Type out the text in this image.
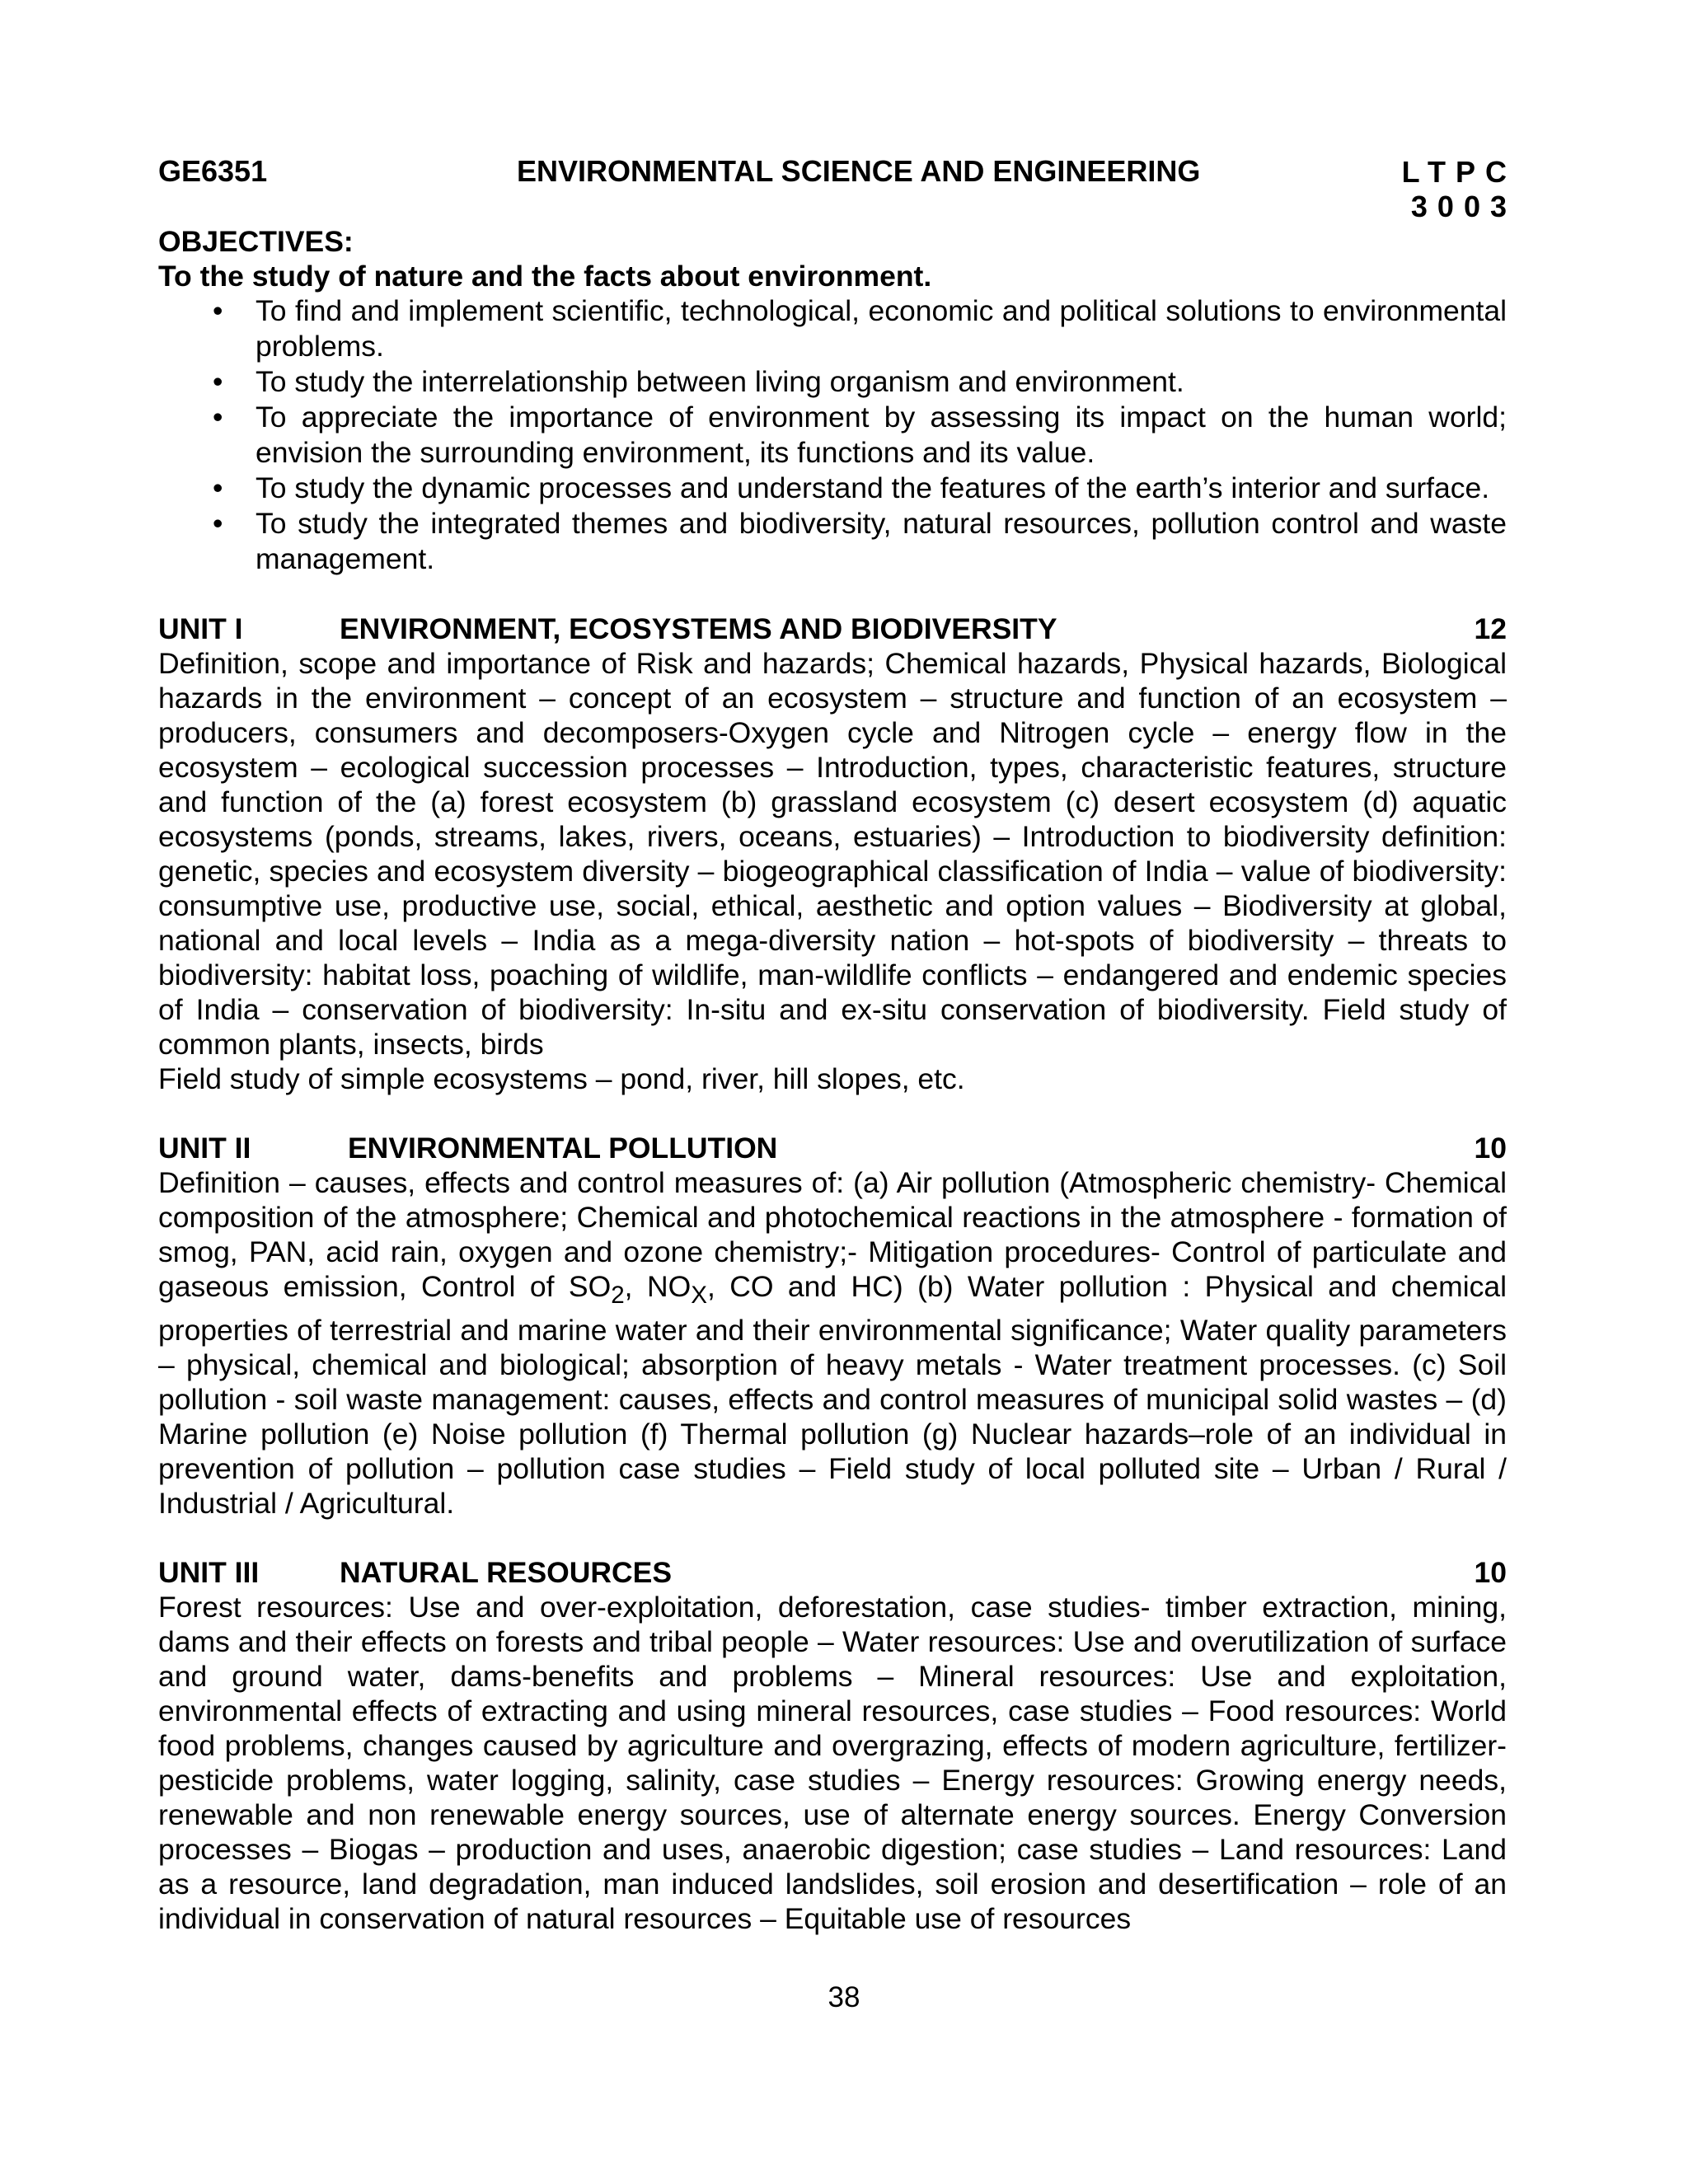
GE6351	ENVIRONMENTAL SCIENCE AND ENGINEERING	LTPC
3003
OBJECTIVES:
To the study of nature and the facts about environment.
• To find and implement scientific, technological, economic and political solutions to environmental problems.
• To study the interrelationship between living organism and environment.
• To appreciate the importance of environment by assessing its impact on the human world; envision the surrounding environment, its functions and its value.
• To study the dynamic processes and understand the features of the earth’s interior and surface.
• To study the integrated themes and biodiversity, natural resources, pollution control and waste management.
UNIT I	ENVIRONMENT, ECOSYSTEMS AND BIODIVERSITY	12

Definition, scope and importance of Risk and hazards; Chemical hazards, Physical hazards, Biological hazards in the environment – concept of an ecosystem – structure and function of an ecosystem – producers, consumers and decomposers-Oxygen cycle and Nitrogen cycle – energy flow in the ecosystem – ecological succession processes – Introduction, types, characteristic features, structure and function of the (a) forest ecosystem (b) grassland ecosystem (c) desert ecosystem (d) aquatic ecosystems (ponds, streams, lakes, rivers, oceans, estuaries) – Introduction to biodiversity definition: genetic, species and ecosystem diversity – biogeographical classification of India – value of biodiversity: consumptive use, productive use, social, ethical, aesthetic and option values – Biodiversity at global, national and local levels – India as a mega-diversity nation – hot-spots of biodiversity – threats to biodiversity: habitat loss, poaching of wildlife, man-wildlife conflicts – endangered and endemic species of India – conservation of biodiversity: In-situ and ex-situ conservation of biodiversity. Field study of common plants, insects, birds

Field study of simple ecosystems – pond, river, hill slopes, etc.

UNIT II	ENVIRONMENTAL POLLUTION	10

Definition – causes, effects and control measures of: (a) Air pollution (Atmospheric chemistry- Chemical composition of the atmosphere; Chemical and photochemical reactions in the atmosphere - formation of smog, PAN, acid rain, oxygen and ozone chemistry;- Mitigation procedures- Control of particulate and gaseous emission, Control of $SO_2$, $NO_X$, CO and HC) (b) Water pollution : Physical and chemical properties of terrestrial and marine water and their environmental significance; Water quality parameters – physical, chemical and biological; absorption of heavy metals - Water treatment processes. (c) Soil pollution - soil waste management: causes, effects and control measures of municipal solid wastes – (d) Marine pollution (e) Noise pollution (f) Thermal pollution (g) Nuclear hazards–role of an individual in prevention of pollution – pollution case studies – Field study of local polluted site – Urban / Rural / Industrial / Agricultural.

UNIT III	NATURAL RESOURCES	10

Forest resources: Use and over-exploitation, deforestation, case studies- timber extraction, mining, dams and their effects on forests and tribal people – Water resources: Use and overutilization of surface and ground water, dams-benefits and problems – Mineral resources: Use and exploitation, environmental effects of extracting and using mineral resources, case studies – Food resources: World food problems, changes caused by agriculture and overgrazing, effects of modern agriculture, fertilizer-pesticide problems, water logging, salinity, case studies – Energy resources: Growing energy needs, renewable and non renewable energy sources, use of alternate energy sources. Energy Conversion processes – Biogas – production and uses, anaerobic digestion; case studies – Land resources: Land as a resource, land degradation, man induced landslides, soil erosion and desertification – role of an individual in conservation of natural resources – Equitable use of resources

38
